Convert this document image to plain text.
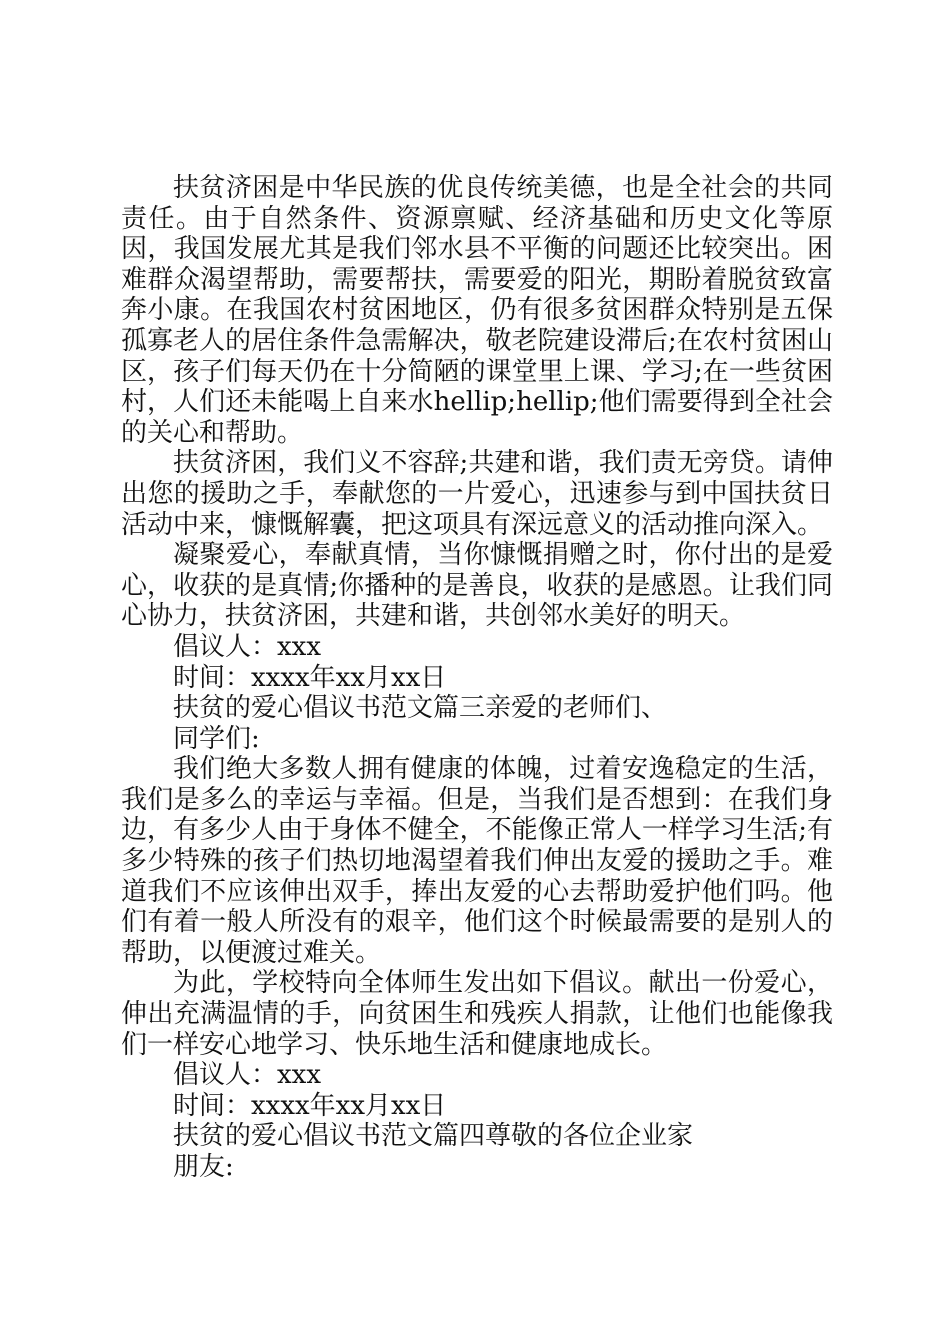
扶贫济困是中华民族的优良传统美德，也是全社会的共同责任。由于自然条件、资源禀赋、经济基础和历史文化等原因，我国发展尤其是我们邻水县不平衡的问题还比较突出。困难群众渴望帮助，需要帮扶，需要爱的阳光，期盼着脱贫致富奔小康。在我国农村贫困地区，仍有很多贫困群众特别是五保孤寡老人的居住条件急需解决，敬老院建设滞后;在农村贫困山区，孩子们每天仍在十分简陋的课堂里上课、学习;在一些贫困村，人们还未能喝上自来水hellip;hellip;他们需要得到全社会的关心和帮助。

扶贫济困，我们义不容辞;共建和谐，我们责无旁贷。请伸出您的援助之手，奉献您的一片爱心，迅速参与到中国扶贫日活动中来，慷慨解囊，把这项具有深远意义的活动推向深入。

凝聚爱心，奉献真情，当你慷慨捐赠之时，你付出的是爱心，收获的是真情;你播种的是善良，收获的是感恩。让我们同心协力，扶贫济困，共建和谐，共创邻水美好的明天。

倡议人：xxx

时间：xxxx年xx月xx日

扶贫的爱心倡议书范文篇三亲爱的老师们、

同学们:

我们绝大多数人拥有健康的体魄，过着安逸稳定的生活，我们是多么的幸运与幸福。但是，当我们是否想到：在我们身边，有多少人由于身体不健全，不能像正常人一样学习生活;有多少特殊的孩子们热切地渴望着我们伸出友爱的援助之手。难道我们不应该伸出双手，捧出友爱的心去帮助爱护他们吗。他们有着一般人所没有的艰辛，他们这个时候最需要的是别人的帮助，以便渡过难关。

为此，学校特向全体师生发出如下倡议。献出一份爱心，伸出充满温情的手，向贫困生和残疾人捐款，让他们也能像我们一样安心地学习、快乐地生活和健康地成长。

倡议人：xxx

时间：xxxx年xx月xx日

扶贫的爱心倡议书范文篇四尊敬的各位企业家

朋友:
